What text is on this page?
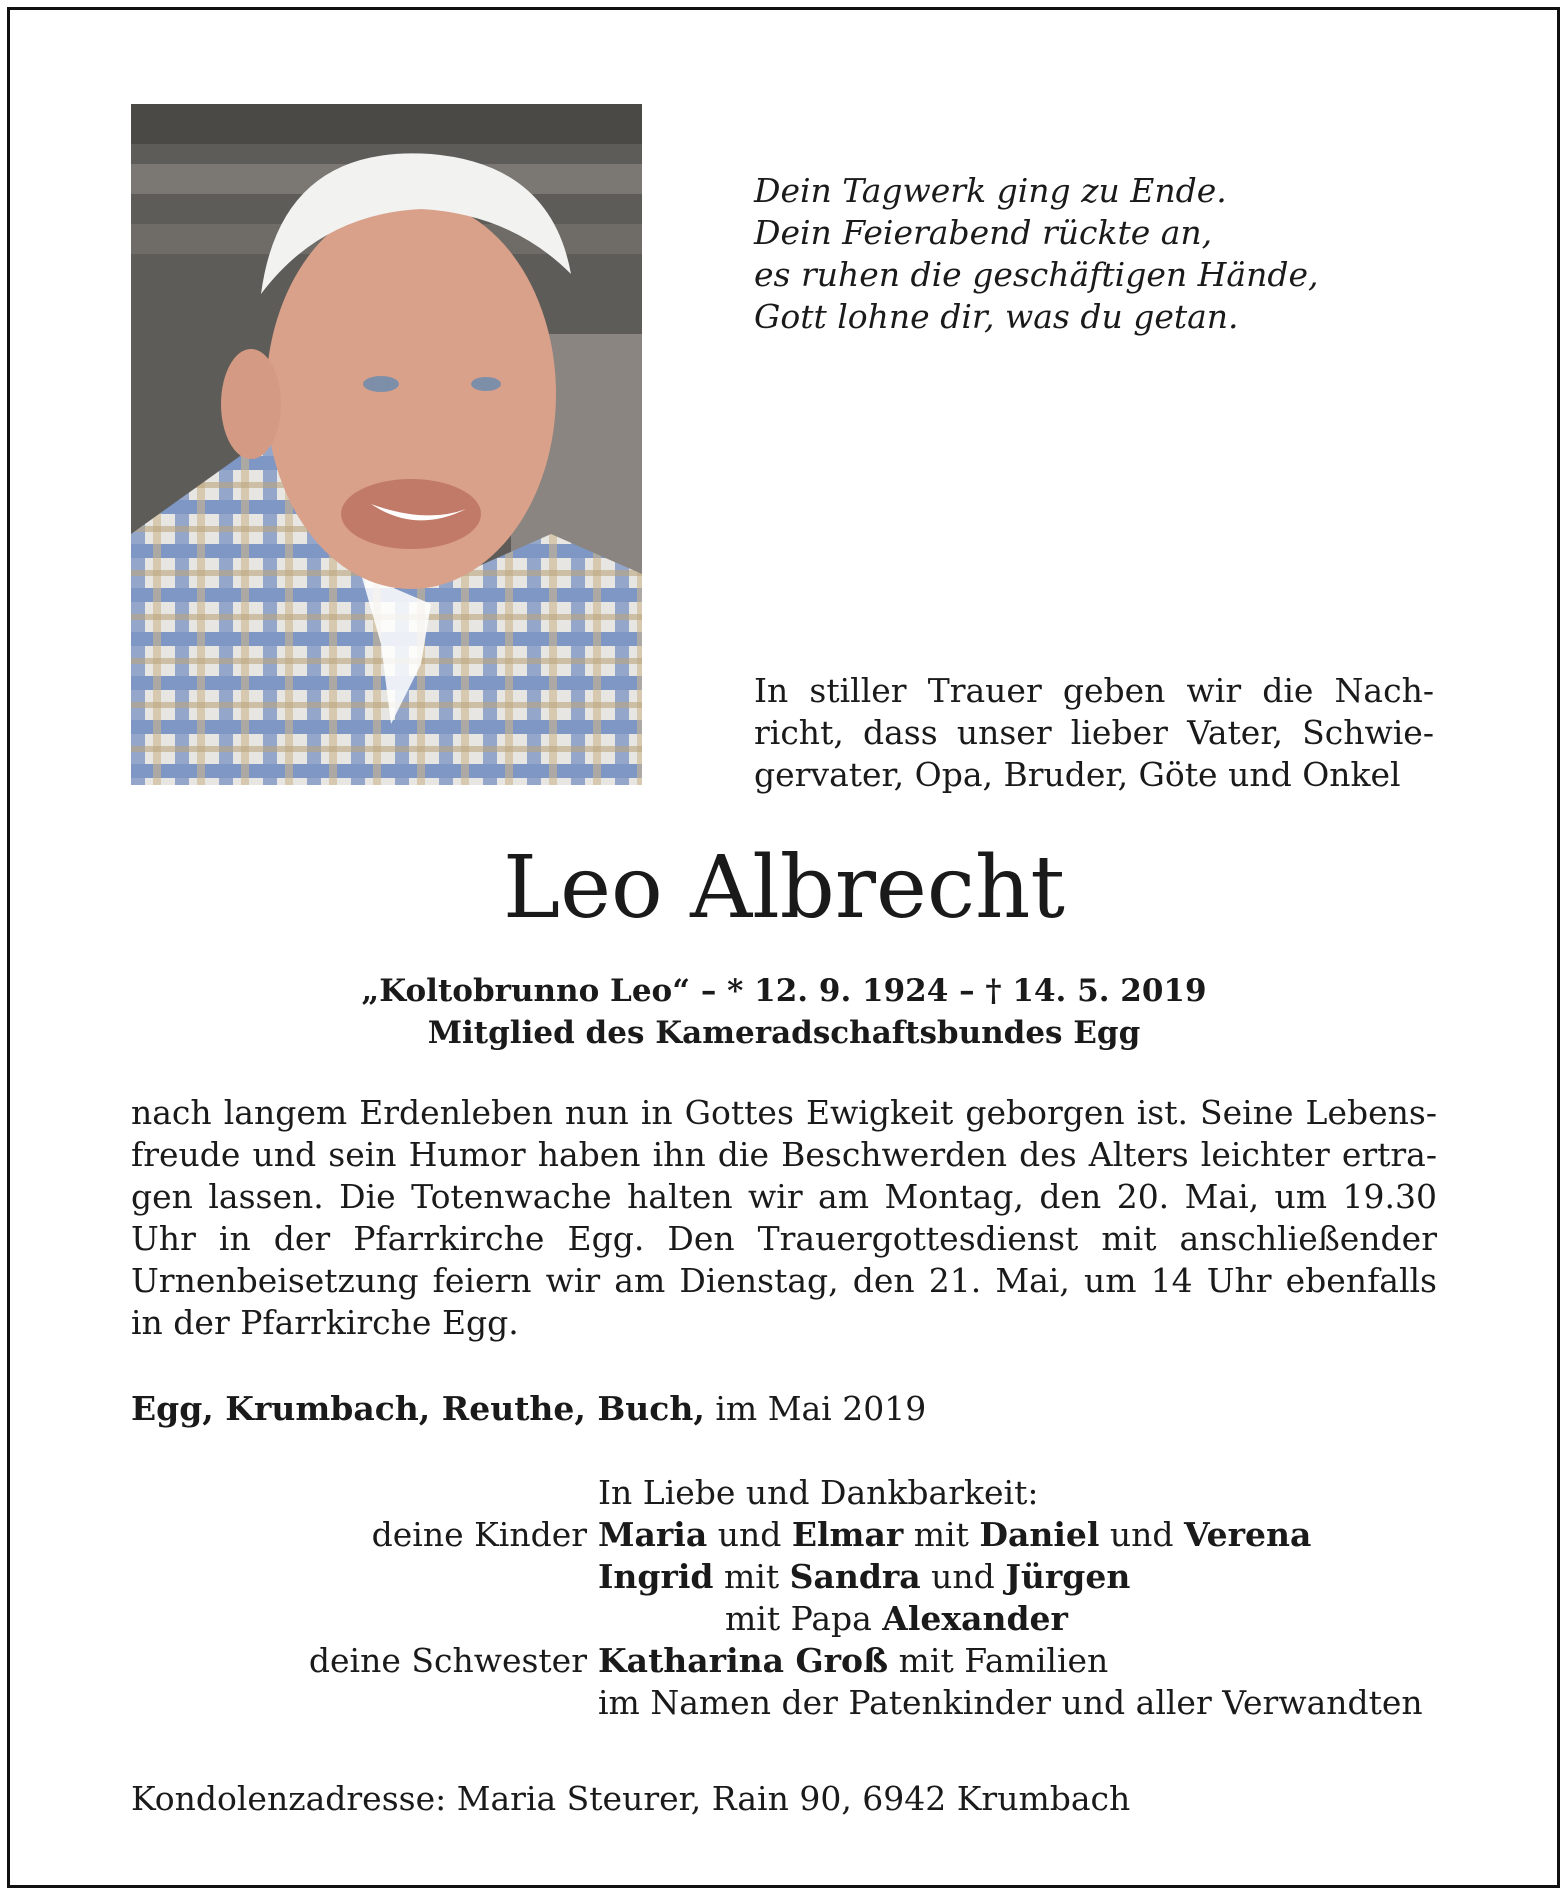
Dein Tagwerk ging zu Ende.
Dein Feierabend rückte an,
es ruhen die geschäftigen Hände,
Gott lohne dir, was du getan.
In stiller Trauer geben wir die Nach-
richt, dass unser lieber Vater, Schwie-
gervater, Opa, Bruder, Göte und Onkel
Leo Albrecht
„Koltobrunno Leo“ – * 12. 9. 1924 – † 14. 5. 2019
Mitglied des Kameradschaftsbundes Egg
nach langem Erdenleben nun in Gottes Ewigkeit geborgen ist. Seine Lebens-
freude und sein Humor haben ihn die Beschwerden des Alters leichter ertra-
gen lassen. Die Totenwache halten wir am Montag, den 20. Mai, um 19.30
Uhr in der Pfarrkirche Egg. Den Trauergottesdienst mit anschließender
Urnenbeisetzung feiern wir am Dienstag, den 21. Mai, um 14 Uhr ebenfalls
in der Pfarrkirche Egg.
Egg, Krumbach, Reuthe, Buch, im Mai 2019
In Liebe und Dankbarkeit:
deine Kinder Maria und Elmar mit Daniel und Verena
Ingrid mit Sandra und Jürgen
mit Papa Alexander
deine Schwester Katharina Groß mit Familien
im Namen der Patenkinder und aller Verwandten
Kondolenzadresse: Maria Steurer, Rain 90, 6942 Krumbach
